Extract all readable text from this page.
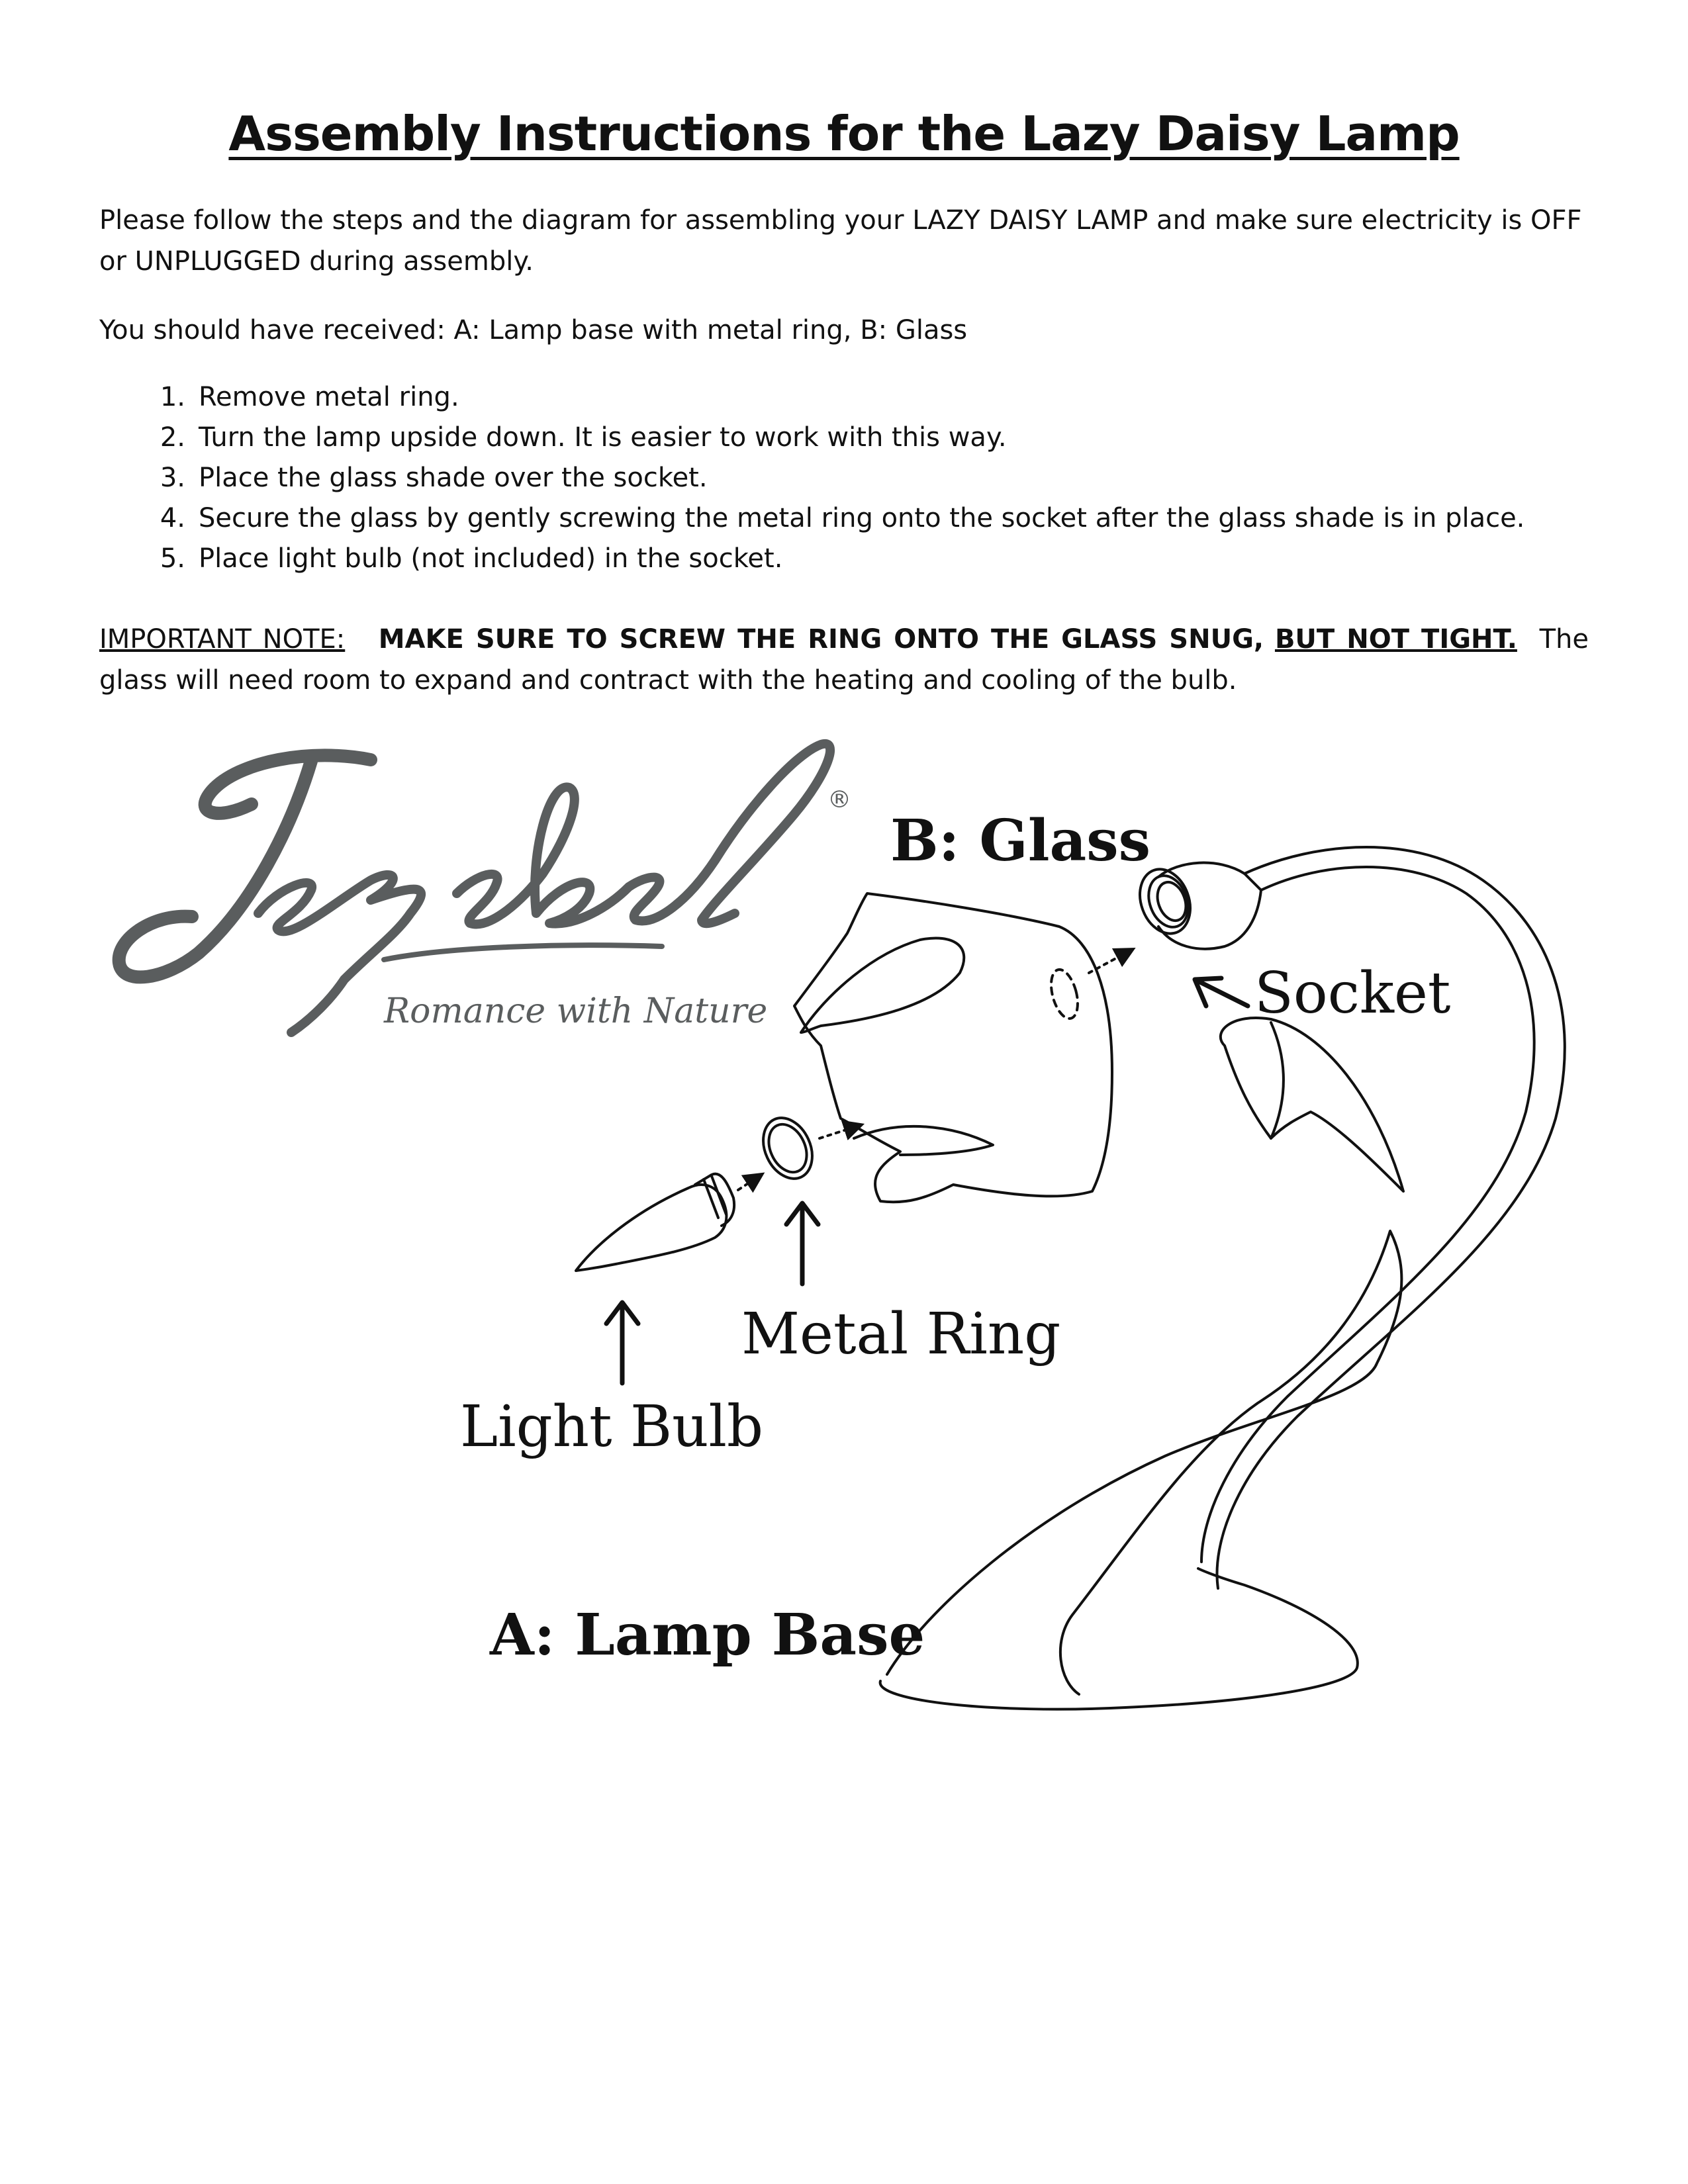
Assembly Instructions for the Lazy Daisy Lamp
Please follow the steps and the diagram for assembling your LAZY DAISY LAMP and make sure electricity is OFF or UNPLUGGED during assembly.
You should have received: A: Lamp base with metal ring, B: Glass
Remove metal ring.
Turn the lamp upside down. It is easier to work with this way.
Place the glass shade over the socket.
Secure the glass by gently screwing the metal ring onto the socket after the glass shade is in place.
Place light bulb (not included) in the socket.
IMPORTANT NOTE: MAKE SURE TO SCREW THE RING ONTO THE GLASS SNUG, BUT NOT TIGHT. The glass will need room to expand and contract with the heating and cooling of the bulb.
®
Romance with Nature
B: Glass
Socket
Metal Ring
Light Bulb
A: Lamp Base
